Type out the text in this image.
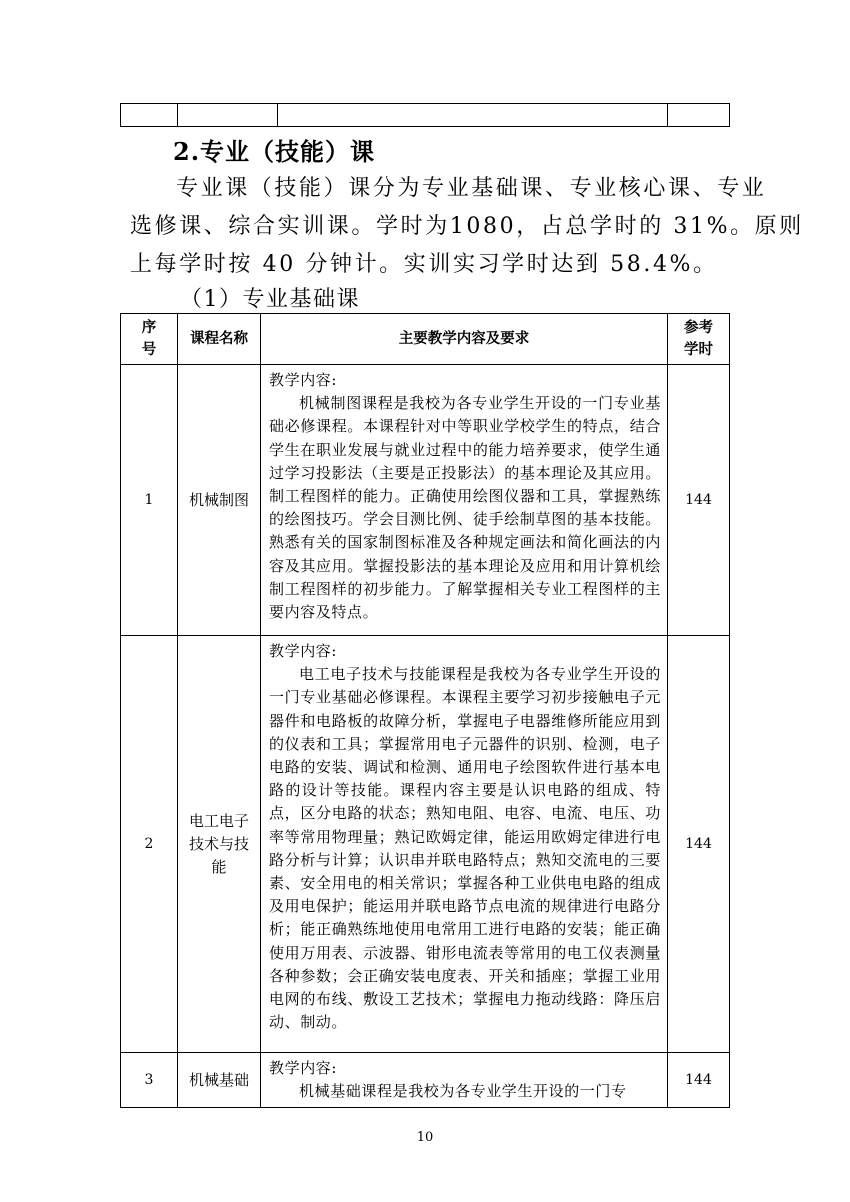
2.专业（技能）课
专业课（技能）课分为专业基础课、专业核心课、专业
选修课、综合实训课。学时为1080，占总学时的 31%。原则
上每学时按 40 分钟计。实训实习学时达到 58.4%。
（1）专业基础课
序号	课程名称	主要教学内容及要求	参考学时
1	机械制图	教学内容:
机械制图课程是我校为各专业学生开设的一门专业基础必修课程。本课程针对中等职业学校学生的特点，结合学生在职业发展与就业过程中的能力培养要求，使学生通过学习投影法（主要是正投影法）的基本理论及其应用。制工程图样的能力。正确使用绘图仪器和工具，掌握熟练的绘图技巧。学会目测比例、徒手绘制草图的基本技能。熟悉有关的国家制图标准及各种规定画法和简化画法的内容及其应用。掌握投影法的基本理论及应用和用计算机绘制工程图样的初步能力。了解掌握相关专业工程图样的主要内容及特点。	144
2	电工电子技术与技能	教学内容:
电工电子技术与技能课程是我校为各专业学生开设的一门专业基础必修课程。本课程主要学习初步接触电子元器件和电路板的故障分析，掌握电子电器维修所能应用到的仪表和工具；掌握常用电子元器件的识别、检测，电子电路的安装、调试和检测、通用电子绘图软件进行基本电路的设计等技能。课程内容主要是认识电路的组成、特点，区分电路的状态；熟知电阻、电容、电流、电压、功率等常用物理量；熟记欧姆定律，能运用欧姆定律进行电路分析与计算；认识串并联电路特点；熟知交流电的三要素、安全用电的相关常识；掌握各种工业供电电路的组成及用电保护；能运用并联电路节点电流的规律进行电路分析；能正确熟练地使用电常用工进行电路的安装；能正确使用万用表、示波器、钳形电流表等常用的电工仪表测量各种参数；会正确安装电度表、开关和插座；掌握工业用电网的布线、敷设工艺技术；掌握电力拖动线路：降压启动、制动。	144
3	机械基础	教学内容:
机械基础课程是我校为各专业学生开设的一门专	144
10
